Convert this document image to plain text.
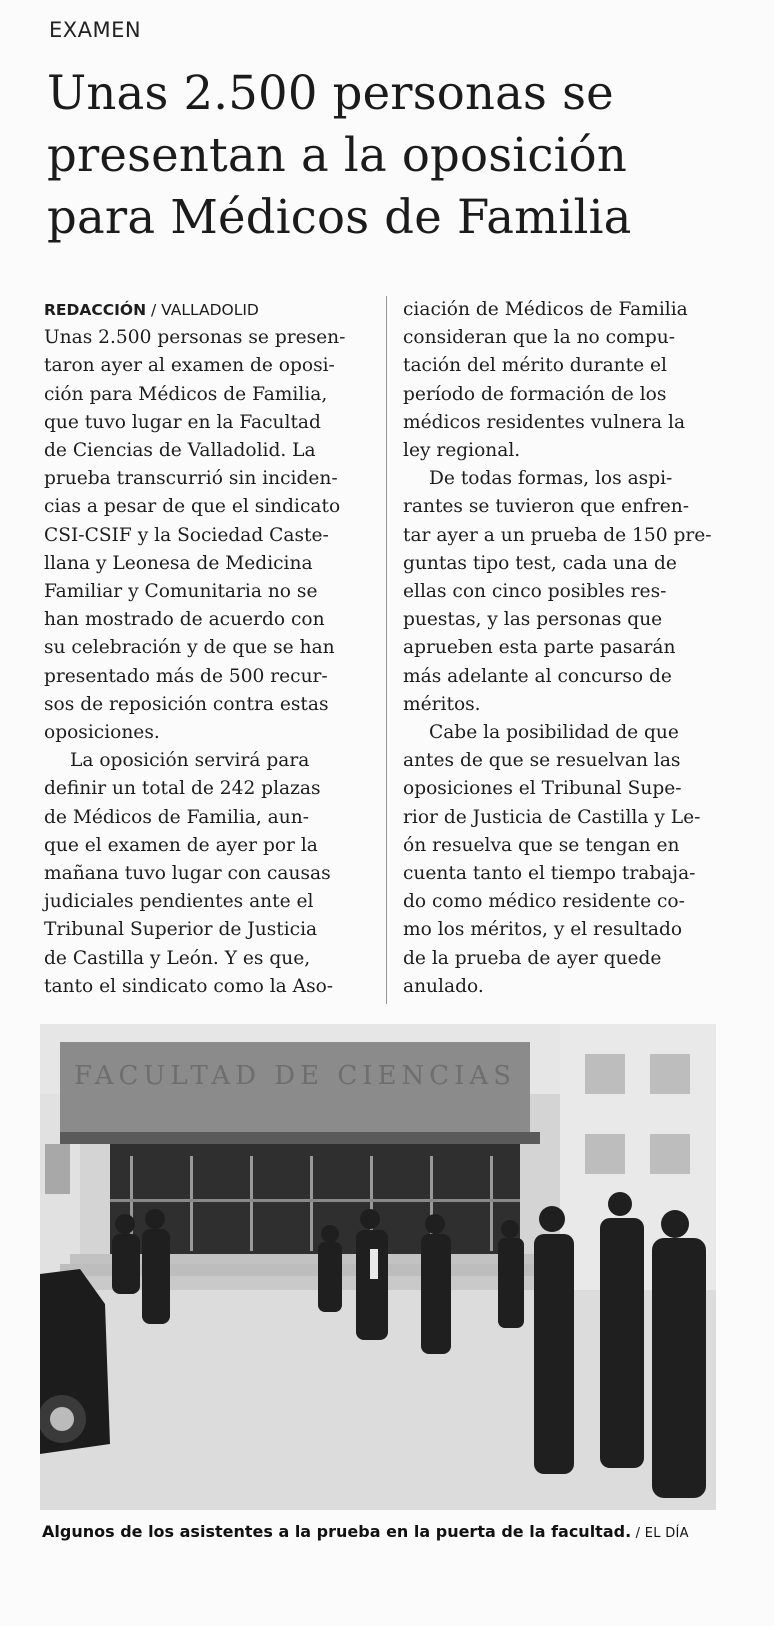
EXAMEN
Unas 2.500 personas se
presentan a la oposición
para Médicos de Familia
REDACCIÓN / VALLADOLID

Unas 2.500 personas se presen-
taron ayer al examen de oposi-
ción para Médicos de Familia,
que tuvo lugar en la Facultad
de Ciencias de Valladolid. La
prueba transcurrió sin inciden-
cias a pesar de que el sindicato
CSI-CSIF y la Sociedad Caste-
llana y Leonesa de Medicina
Familiar y Comunitaria no se
han mostrado de acuerdo con
su celebración y de que se han
presentado más de 500 recur-
sos de reposición contra estas
oposiciones.

La oposición servirá para
definir un total de 242 plazas
de Médicos de Familia, aun-
que el examen de ayer por la
mañana tuvo lugar con causas
judiciales pendientes ante el
Tribunal Superior de Justicia
de Castilla y León. Y es que,
tanto el sindicato como la Aso-

ciación de Médicos de Familia
consideran que la no compu-
tación del mérito durante el
período de formación de los
médicos residentes vulnera la
ley regional.

De todas formas, los aspi-
rantes se tuvieron que enfren-
tar ayer a un prueba de 150 pre-
guntas tipo test, cada una de
ellas con cinco posibles res-
puestas, y las personas que
aprueben esta parte pasarán
más adelante al concurso de
méritos.

Cabe la posibilidad de que
antes de que se resuelvan las
oposiciones el Tribunal Supe-
rior de Justicia de Castilla y Le-
ón resuelva que se tengan en
cuenta tanto el tiempo trabaja-
do como médico residente co-
mo los méritos, y el resultado
de la prueba de ayer quede
anulado.

FACULTAD DE CIENCIAS
Algunos de los asistentes a la prueba en la puerta de la facultad. / EL DÍA
